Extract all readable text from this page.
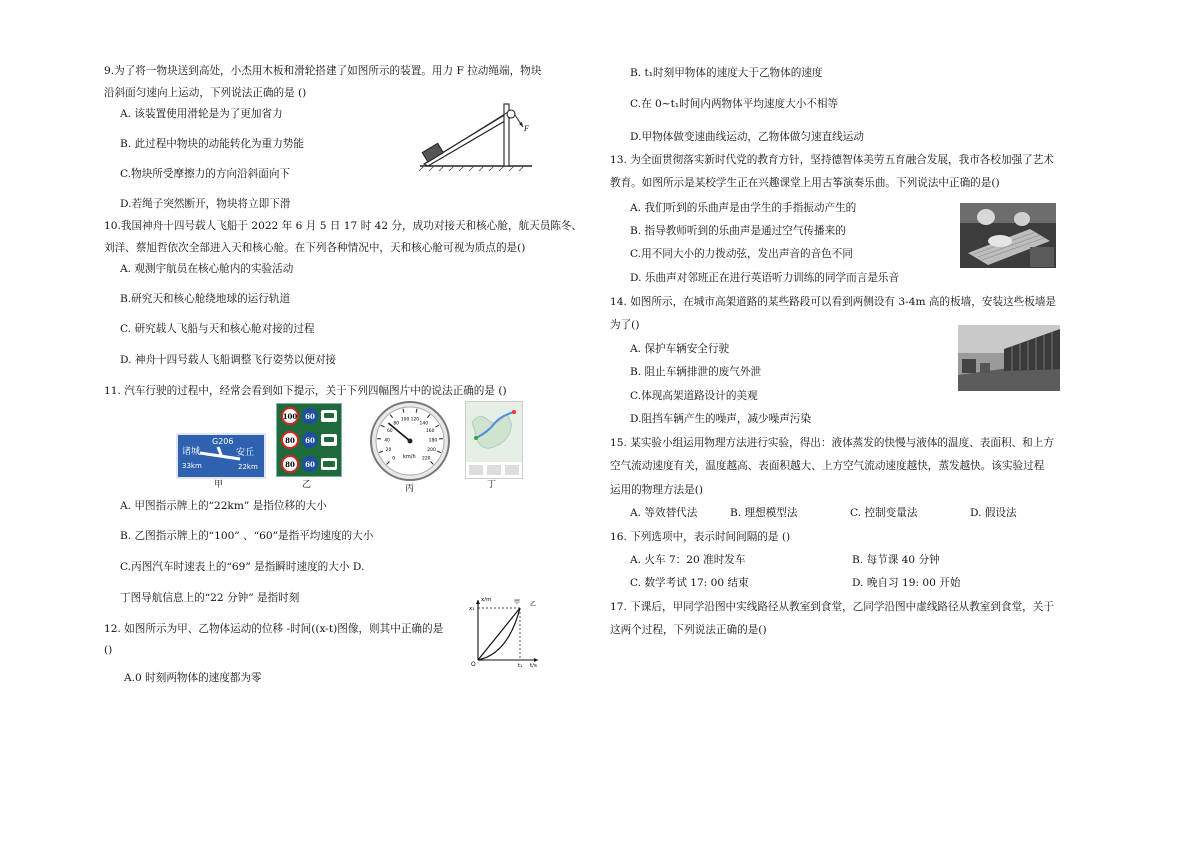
9.为了将一物块送到高处，小杰用木板和滑轮搭建了如图所示的装置。用力 F 拉动绳端，物块
沿斜面匀速向上运动，下列说法正确的是 ()
A. 该装置使用滑轮是为了更加省力
B. 此过程中物块的动能转化为重力势能
C.物块所受摩擦力的方向沿斜面向下
D.若绳子突然断开，物块将立即下滑
F
10.我国神舟十四号载人飞船于 2022 年 6 月 5 日 17 时 42 分，成功对接天和核心舱，航天员陈冬、
刘洋、蔡旭哲依次全部进入天和核心舱。在下列各种情况中，天和核心舱可视为质点的是()
A. 观测宇航员在核心舱内的实验活动
B.研究天和核心舱绕地球的运行轨道
C. 研究载人飞船与天和核心舱对接的过程
D. 神舟十四号载人飞船调整飞行姿势以便对接
11. 汽车行驶的过程中，经常会看到如下提示，关于下列四幅图片中的说法正确的是 ()
G206
诸城
33km
安丘
22km
甲
100	60
80	60
80	60
乙
0
20
40
60
80
100 120
140
160
180
200
220
km/h
丙	丁
A. 甲图指示牌上的“22km” 是指位移的大小
B. 乙图指示牌上的“100” 、“60”是指平均速度的大小
C.丙图汽车时速表上的“69” 是指瞬时速度的大小 D.
丁图导航信息上的“22 分钟” 是指时刻
12. 如图所示为甲、乙物体运动的位移 -时间((x-t)图像，则其中正确的是
()
A.0 时刻两物体的速度都为零
x/m
x₁
t/s
t₁
O
甲 乙
B. t₁时刻甲物体的速度大于乙物体的速度
C.在 0~t₁时间内两物体平均速度大小不相等
D.甲物体做变速曲线运动，乙物体做匀速直线运动
13. 为全面贯彻落实新时代党的教育方针，坚持德智体美劳五育融合发展，我市各校加强了艺术
教育。如图所示是某校学生正在兴趣课堂上用古筝演奏乐曲。下列说法中正确的是()
A. 我们听到的乐曲声是由学生的手指振动产生的
B. 指导教师听到的乐曲声是通过空气传播来的
C.用不同大小的力拨动弦，发出声音的音色不同
D. 乐曲声对邻班正在进行英语听力训练的同学而言是乐音
14. 如图所示，在城市高架道路的某些路段可以看到两侧设有 3-4m 高的板墙，安装这些板墙是
为了()
A. 保护车辆安全行驶
B. 阻止车辆排泄的废气外泄
C.体现高架道路设计的美观
D.阻挡车辆产生的噪声，减少噪声污染
15. 某实验小组运用物理方法进行实验，得出：液体蒸发的快慢与液体的温度、表面积、和上方
空气流动速度有关，温度越高、表面积越大、上方空气流动速度越快，蒸发越快。该实验过程
运用的物理方法是()
A. 等效替代法	B. 理想模型法	C. 控制变量法	D. 假设法
16. 下列选项中，表示时间间隔的是 ()
A. 火车 7：20 准时发车	B. 每节课 40 分钟
C. 数学考试 17: 00 结束	D. 晚自习 19: 00 开始
17. 下课后，甲同学沿图中实线路径从教室到食堂，乙同学沿图中虚线路径从教室到食堂，关于
这两个过程，下列说法正确的是()
